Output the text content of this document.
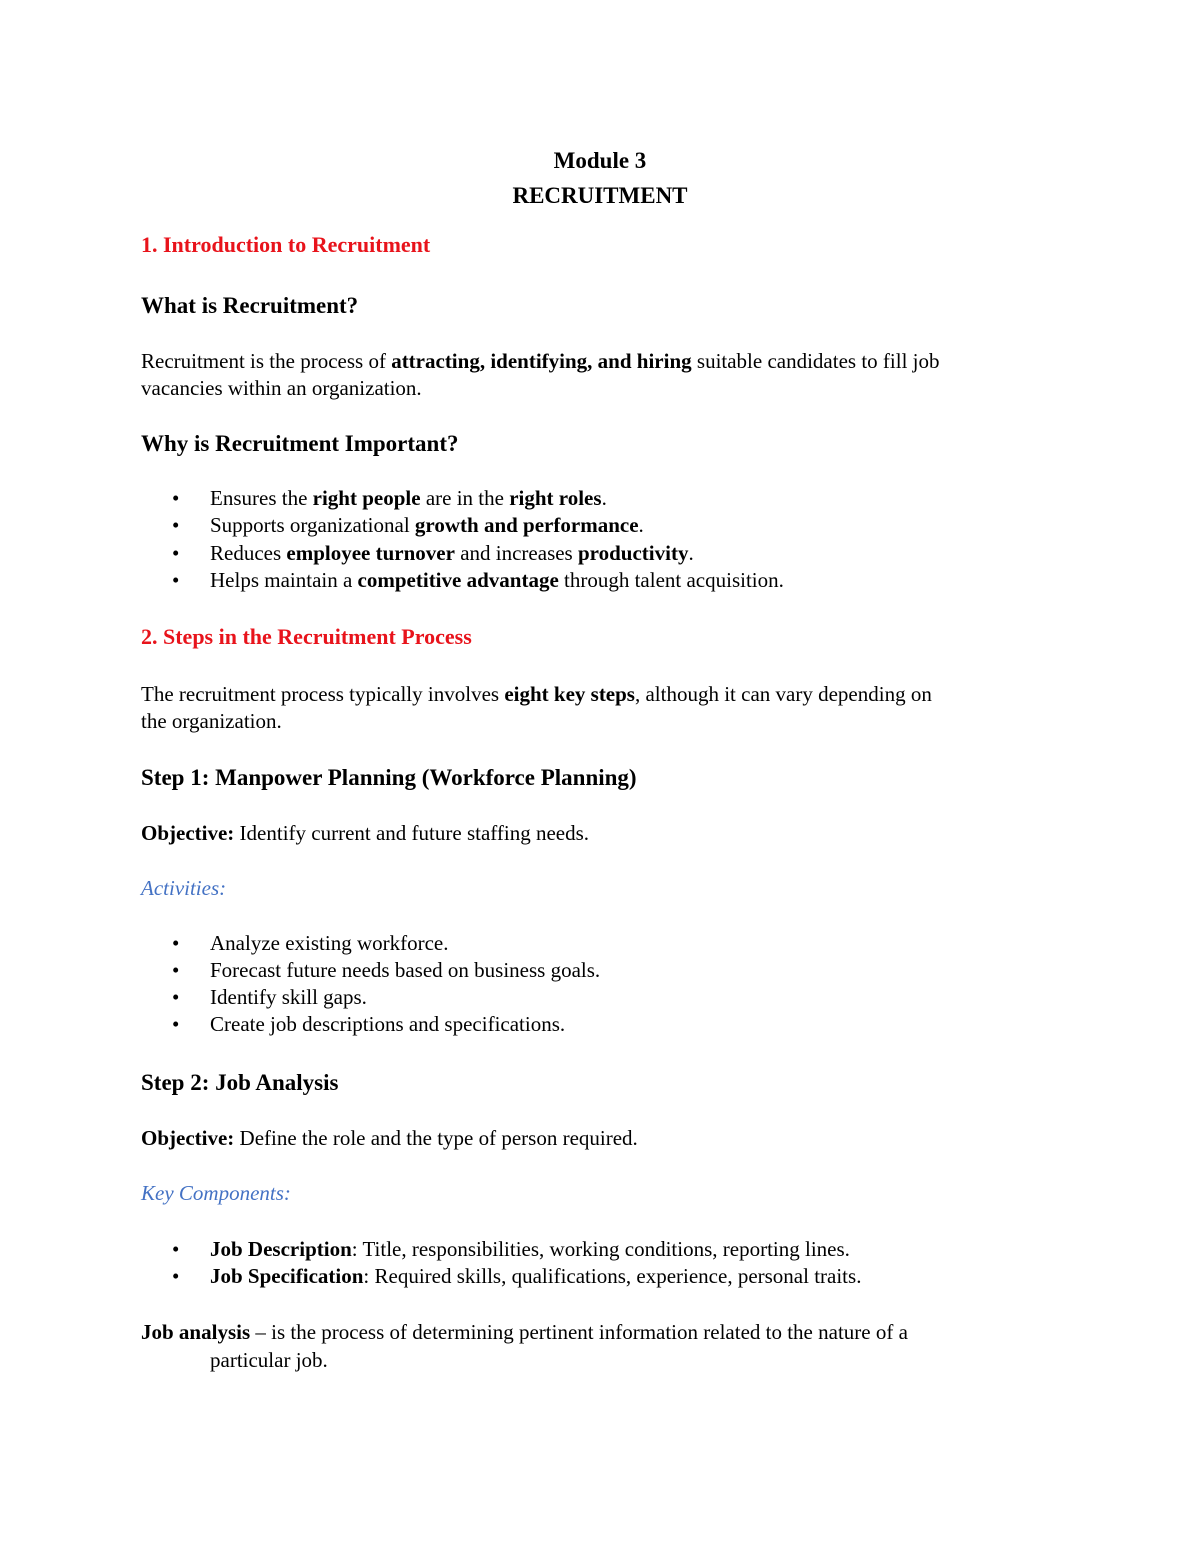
Module 3

RECRUITMENT

1. Introduction to Recruitment

What is Recruitment?

Recruitment is the process of attracting, identifying, and hiring suitable candidates to fill job

vacancies within an organization.

Why is Recruitment Important?

• Ensures the right people are in the right roles.

• Supports organizational growth and performance.

• Reduces employee turnover and increases productivity.

• Helps maintain a competitive advantage through talent acquisition.

2. Steps in the Recruitment Process

The recruitment process typically involves eight key steps, although it can vary depending on

the organization.

Step 1: Manpower Planning (Workforce Planning)

Objective: Identify current and future staffing needs.

Activities:

• Analyze existing workforce.

• Forecast future needs based on business goals.

• Identify skill gaps.

• Create job descriptions and specifications.

Step 2: Job Analysis

Objective: Define the role and the type of person required.

Key Components:

• Job Description: Title, responsibilities, working conditions, reporting lines.

• Job Specification: Required skills, qualifications, experience, personal traits.

Job analysis – is the process of determining pertinent information related to the nature of a
particular job.
